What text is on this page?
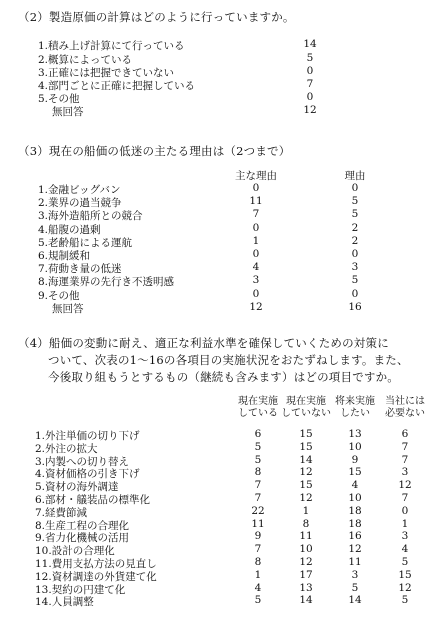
（2）製造原価の計算はどのように行っていますか。
1.積み上げ計算にて行っている	14
2.概算によっている	5
3.正確には把握できていない	0
4.部門ごとに正確に把握している	7
5.その他	0
無回答	12
（3）現在の船価の低迷の主たる理由は（2つまで）
主な理由	理由
1.金融ビッグバン	0	0
2.業界の過当競争	11	5
3.海外造船所との競合	7	5
4.船腹の過剰	0	2
5.老齢船による運航	1	2
6.規制緩和	0	0
7.荷動き量の低迷	4	3
8.海運業界の先行き不透明感	3	5
9.その他	0	0
無回答	12	16
（4）船価の変動に耐え、適正な利益水準を確保していくための対策に
ついて、次表の1～16の各項目の実施状況をおたずねします。また、
今後取り組もうとするもの（継続も含みます）はどの項目ですか。
現在実施
している
現在実施
していない
将来実施
したい
当社には
必要ない
1.外注単価の切り下げ	6	15	13	6
2.外注の拡大	5	15	10	7
3.内製への切り替え	5	14	9	7
4.資材価格の引き下げ	8	12	15	3
5.資材の海外調達	7	15	4	12
6.部材・艤装品の標準化	7	12	10	7
7.経費節減	22	1	18	0
8.生産工程の合理化	11	8	18	1
9.省力化機械の活用	9	11	16	3
10.設計の合理化	7	10	12	4
11.費用支払方法の見直し	8	12	11	5
12.資材調達の外貨建て化	1	17	3	15
13.契約の円建て化	4	13	5	12
14.人員調整	5	14	14	5
